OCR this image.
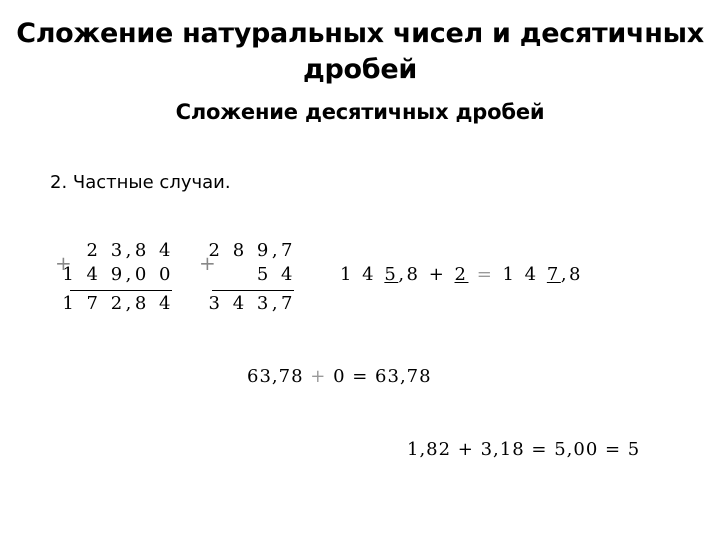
Сложение натуральных чисел и десятичных
дробей
Сложение десятичных дробей
2. Частные случаи.
+

2 3,8 4

1 4 9,0 0

1 7 2,8 4

+

2 8 9,7

5 4

3 4 3,7

1 4 5,8 + 2 = 1 4 7,8
63,78 + 0 = 63,78
1,82 + 3,18 = 5,00 = 5
